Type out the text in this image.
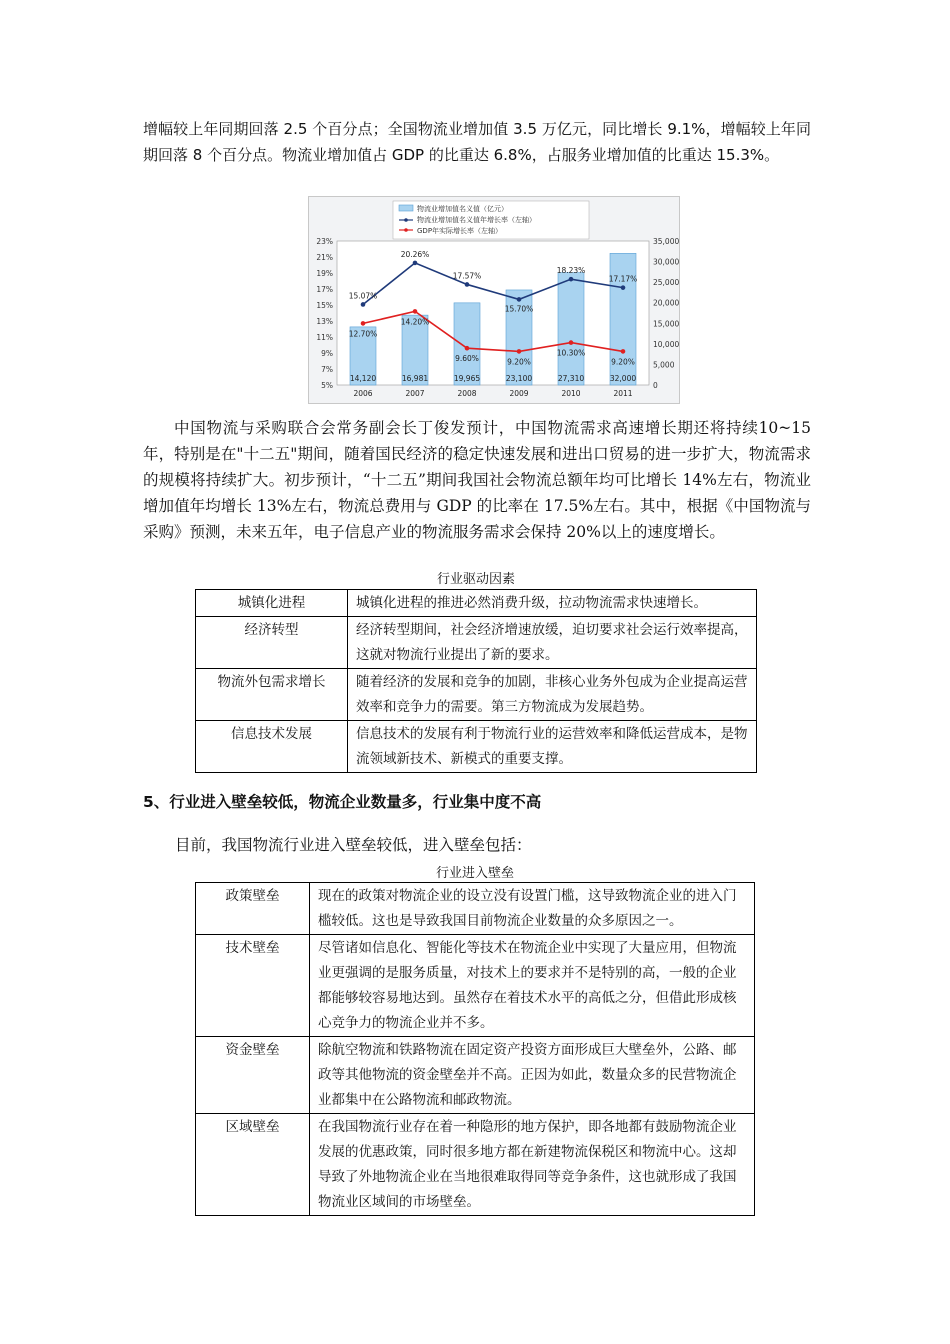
增幅较上年同期回落 2.5 个百分点；全国物流业增加值 3.5 万亿元，同比增长 9.1%，增幅较上年同期回落 8 个百分点。物流业增加值占 GDP 的比重达 6.8%，占服务业增加值的比重达 15.3%。

物流业增加值名义值（亿元）
物流业增加值名义值年增长率（左轴）
GDP年实际增长率（左轴）
23%
21%
19%
17%
15%
13%
11%
9%
7%
5%
35,000
30,000
25,000
20,000
15,000
10,000
5,000
0
14,120	16,981	19,965	23,100	27,310	32,000
2006	2007	2008	2009	2010	2011
15.07%
20.26%
17.57%
15.70%
18.23%
17.17%
12.70%
14.20%
9.60%	9.20%
10.30%
9.20%

中国物流与采购联合会常务副会长丁俊发预计，中国物流需求高速增长期还将持续10~15年，特别是在"十二五"期间，随着国民经济的稳定快速发展和进出口贸易的进一步扩大，物流需求的规模将持续扩大。初步预计，“十二五”期间我国社会物流总额年均可比增长 14%左右，物流业增加值年均增长 13%左右，物流总费用与 GDP 的比率在 17.5%左右。其中，根据《中国物流与采购》预测，未来五年，电子信息产业的物流服务需求会保持 20%以上的速度增长。

行业驱动因素
城镇化进程	城镇化进程的推进必然消费升级，拉动物流需求快速增长。
经济转型	经济转型期间，社会经济增速放缓，迫切要求社会运行效率提高，这就对物流行业提出了新的要求。
物流外包需求增长	随着经济的发展和竞争的加剧，非核心业务外包成为企业提高运营效率和竞争力的需要。第三方物流成为发展趋势。
信息技术发展	信息技术的发展有利于物流行业的运营效率和降低运营成本，是物流领域新技术、新模式的重要支撑。
5、行业进入壁垒较低，物流企业数量多，行业集中度不高

目前，我国物流行业进入壁垒较低，进入壁垒包括：

行业进入壁垒
政策壁垒	现在的政策对物流企业的设立没有设置门槛，这导致物流企业的进入门槛较低。这也是导致我国目前物流企业数量的众多原因之一。
技术壁垒	尽管诸如信息化、智能化等技术在物流企业中实现了大量应用，但物流业更强调的是服务质量，对技术上的要求并不是特别的高，一般的企业都能够较容易地达到。虽然存在着技术水平的高低之分，但借此形成核心竞争力的物流企业并不多。
资金壁垒	除航空物流和铁路物流在固定资产投资方面形成巨大壁垒外，公路、邮政等其他物流的资金壁垒并不高。正因为如此，数量众多的民营物流企业都集中在公路物流和邮政物流。
区域壁垒	在我国物流行业存在着一种隐形的地方保护，即各地都有鼓励物流企业发展的优惠政策，同时很多地方都在新建物流保税区和物流中心。这却导致了外地物流企业在当地很难取得同等竞争条件，这也就形成了我国物流业区域间的市场壁垒。
